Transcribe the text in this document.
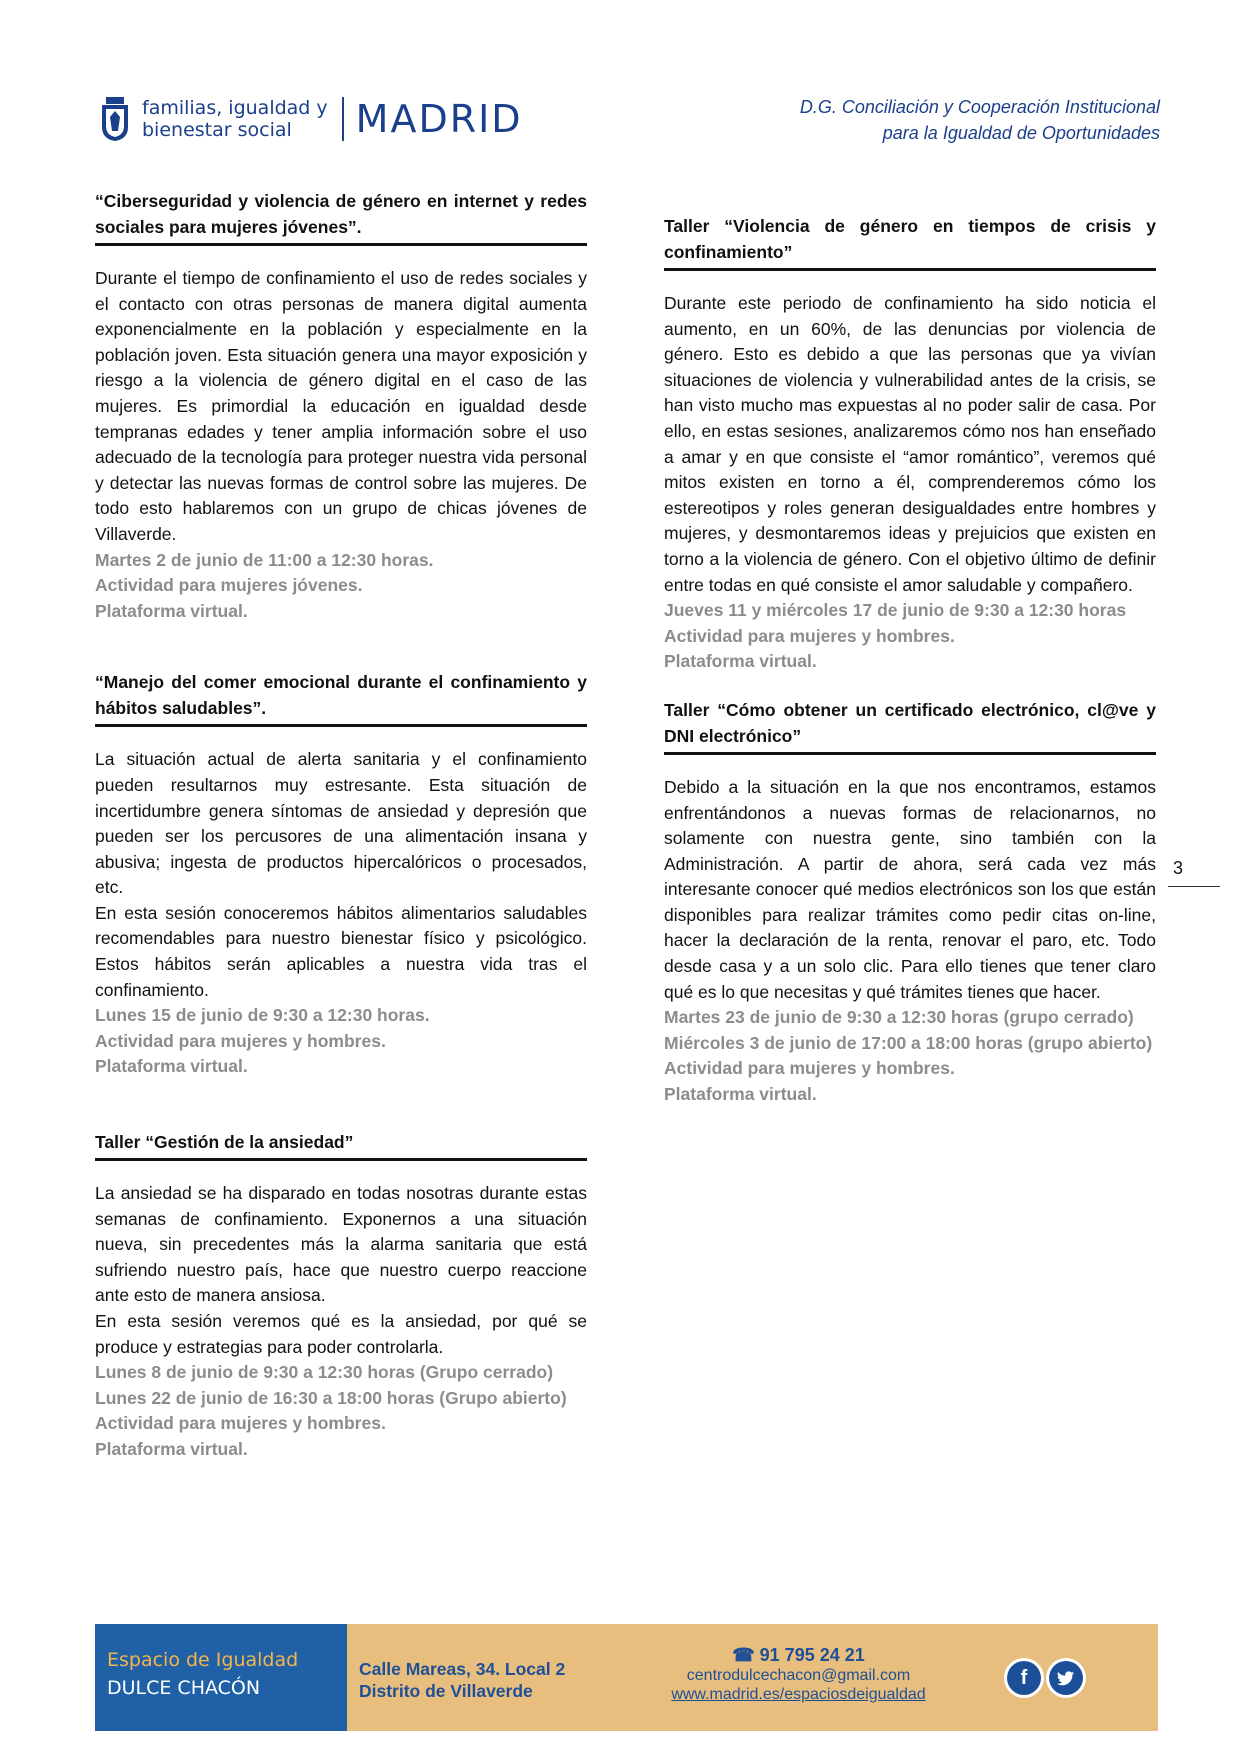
familias, igualdad y
bienestar social	MADRID	D.G. Conciliación y Cooperación Institucional
para la Igualdad de Oportunidades
“Ciberseguridad y violencia de género en internet y redes sociales para mujeres jóvenes”.

Durante el tiempo de confinamiento el uso de redes sociales y el contacto con otras personas de manera digital aumenta exponencialmente en la población y especialmente en la población joven. Esta situación genera una mayor exposición y riesgo a la violencia de género digital en el caso de las mujeres. Es primordial la educación en igualdad desde tempranas edades y tener amplia información sobre el uso adecuado de la tecnología para proteger nuestra vida personal y detectar las nuevas formas de control sobre las mujeres. De todo esto hablaremos con un grupo de chicas jóvenes de Villaverde.

Martes 2 de junio de 11:00 a 12:30 horas.
Actividad para mujeres jóvenes.
Plataforma virtual.
“Manejo del comer emocional durante el confinamiento y hábitos saludables”.

La situación actual de alerta sanitaria y el confinamiento pueden resultarnos muy estresante. Esta situación de incertidumbre genera síntomas de ansiedad y depresión que pueden ser los percusores de una alimentación insana y abusiva; ingesta de productos hipercalóricos o procesados, etc.

En esta sesión conoceremos hábitos alimentarios saludables recomendables para nuestro bienestar físico y psicológico. Estos hábitos serán aplicables a nuestra vida tras el confinamiento.

Lunes 15 de junio de 9:30 a 12:30 horas.
Actividad para mujeres y hombres.
Plataforma virtual.
Taller “Gestión de la ansiedad”

La ansiedad se ha disparado en todas nosotras durante estas semanas de confinamiento. Exponernos a una situación nueva, sin precedentes más la alarma sanitaria que está sufriendo nuestro país, hace que nuestro cuerpo reaccione ante esto de manera ansiosa.

En esta sesión veremos qué es la ansiedad, por qué se produce y estrategias para poder controlarla.

Lunes 8 de junio de 9:30 a 12:30 horas (Grupo cerrado)
Lunes 22 de junio de 16:30 a 18:00 horas (Grupo abierto)
Actividad para mujeres y hombres.
Plataforma virtual.
Taller “Violencia de género en tiempos de crisis y confinamiento”

Durante este periodo de confinamiento ha sido noticia el aumento, en un 60%, de las denuncias por violencia de género. Esto es debido a que las personas que ya vivían situaciones de violencia y vulnerabilidad antes de la crisis, se han visto mucho mas expuestas al no poder salir de casa. Por ello, en estas sesiones, analizaremos cómo nos han enseñado a amar y en que consiste el “amor romántico”, veremos qué mitos existen en torno a él, comprenderemos cómo los estereotipos y roles generan desigualdades entre hombres y mujeres, y desmontaremos ideas y prejuicios que existen en torno a la violencia de género. Con el objetivo último de definir entre todas en qué consiste el amor saludable y compañero.

Jueves 11 y miércoles 17 de junio de 9:30 a 12:30 horas
Actividad para mujeres y hombres.
Plataforma virtual.
Taller “Cómo obtener un certificado electrónico, cl@ve y DNI electrónico”

Debido a la situación en la que nos encontramos, estamos enfrentándonos a nuevas formas de relacionarnos, no solamente con nuestra gente, sino también con la Administración. A partir de ahora, será cada vez más interesante conocer qué medios electrónicos son los que están disponibles para realizar trámites como pedir citas on-line, hacer la declaración de la renta, renovar el paro, etc. Todo desde casa y a un solo clic. Para ello tienes que tener claro qué es lo que necesitas y qué trámites tienes que hacer.

Martes 23 de junio de 9:30 a 12:30 horas (grupo cerrado)
Miércoles 3 de junio de 17:00 a 18:00 horas (grupo abierto)
Actividad para mujeres y hombres.
Plataforma virtual.
3
Espacio de Igualdad
DULCE CHACÓN
Calle Mareas, 34. Local 2
Distrito de Villaverde
☎ 91 795 24 21
centrodulcechacon@gmail.com
www.madrid.es/espaciosdeigualdad
f
